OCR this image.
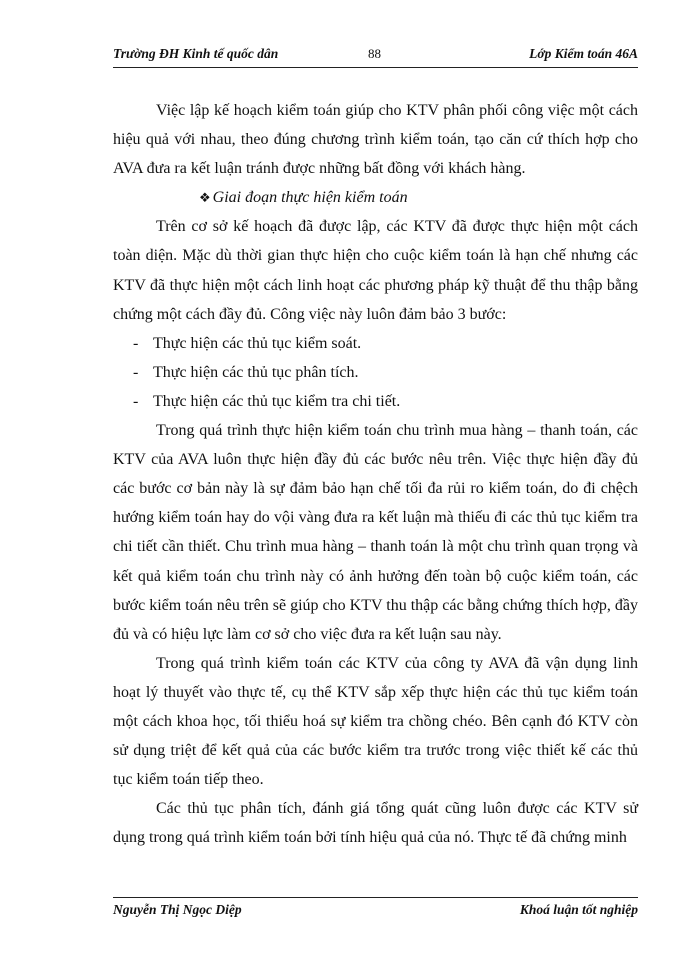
Trường ĐH Kinh tế quốc dân	88	Lớp Kiểm toán 46A

Việc lập kế hoạch kiểm toán giúp cho KTV phân phối công việc một cách hiệu quả với nhau, theo đúng chương trình kiểm toán, tạo căn cứ thích hợp cho AVA đưa ra kết luận tránh được những bất đồng với khách hàng.

❖ Giai đoạn thực hiện kiểm toán

Trên cơ sở kế hoạch đã được lập, các KTV đã được thực hiện một cách toàn diện. Mặc dù thời gian thực hiện cho cuộc kiểm toán là hạn chế nhưng các KTV đã thực hiện một cách linh hoạt các phương pháp kỹ thuật để thu thập bằng chứng một cách đầy đủ. Công việc này luôn đảm bảo 3 bước:

- Thực hiện các thủ tục kiểm soát.
- Thực hiện các thủ tục phân tích.
- Thực hiện các thủ tục kiểm tra chi tiết.

Trong quá trình thực hiện kiểm toán chu trình mua hàng – thanh toán, các KTV của AVA luôn thực hiện đầy đủ các bước nêu trên. Việc thực hiện đầy đủ các bước cơ bản này là sự đảm bảo hạn chế tối đa rủi ro kiểm toán, do đi chệch hướng kiểm toán hay do vội vàng đưa ra kết luận mà thiếu đi các thủ tục kiểm tra chi tiết cần thiết. Chu trình mua hàng – thanh toán là một chu trình quan trọng và kết quả kiểm toán chu trình này có ảnh hưởng đến toàn bộ cuộc kiểm toán, các bước kiểm toán nêu trên sẽ giúp cho KTV thu thập các bằng chứng thích hợp, đầy đủ và có hiệu lực làm cơ sở cho việc đưa ra kết luận sau này.

Trong quá trình kiểm toán các KTV của công ty AVA đã vận dụng linh hoạt lý thuyết vào thực tế, cụ thể KTV sắp xếp thực hiện các thủ tục kiểm toán một cách khoa học, tối thiểu hoá sự kiểm tra chồng chéo. Bên cạnh đó KTV còn sử dụng triệt để kết quả của các bước kiểm tra trước trong việc thiết kế các thủ tục kiểm toán tiếp theo.

Các thủ tục phân tích, đánh giá tổng quát cũng luôn được các KTV sử dụng trong quá trình kiểm toán bởi tính hiệu quả của nó. Thực tế đã chứng minh

Nguyễn Thị Ngọc Diệp	Khoá luận tốt nghiệp
